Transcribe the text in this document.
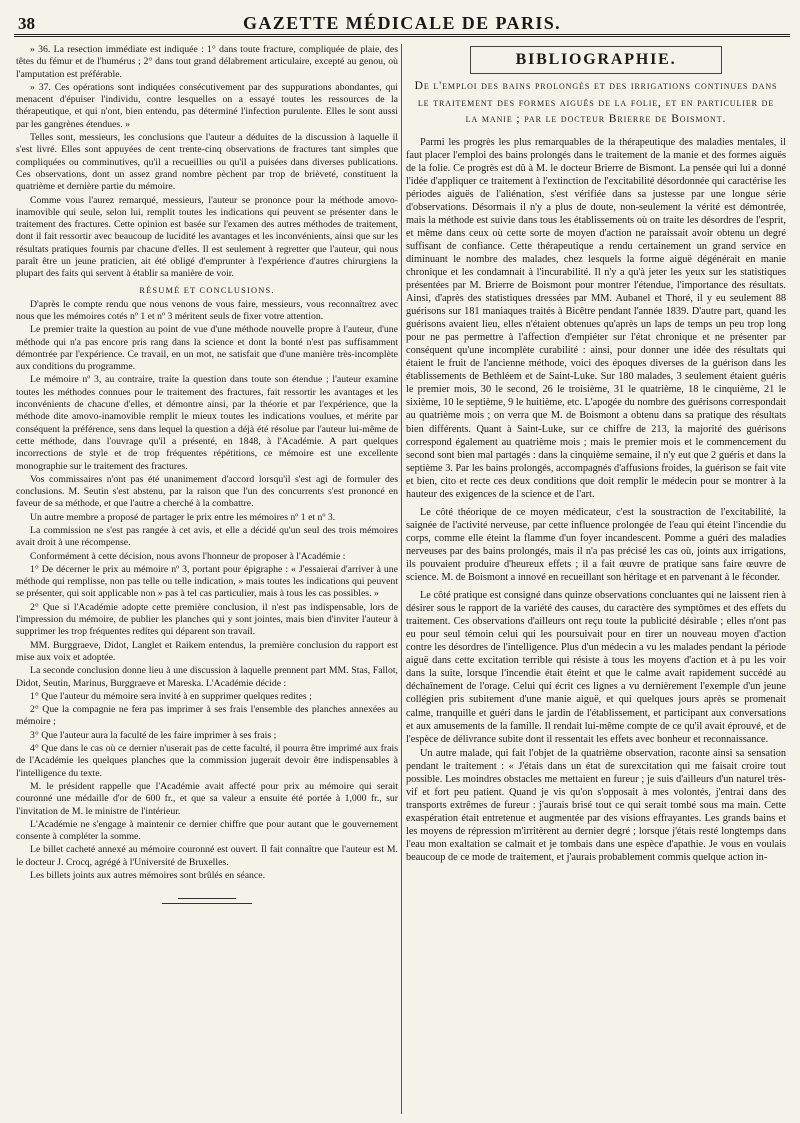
38	GAZETTE MÉDICALE DE PARIS.

» 36. La resection immédiate est indiquée : 1° dans toute fracture, compliquée de plaie, des têtes du fémur et de l'humérus ; 2° dans tout grand délabrement articulaire, excepté au genou, où l'amputation est préférable.

» 37. Ces opérations sont indiquées consécutivement par des suppurations abondantes, qui menacent d'épuiser l'individu, contre lesquelles on a essayé toutes les ressources de la thérapeutique, et qui n'ont, bien entendu, pas déterminé l'infection purulente. Elles le sont aussi par les gangrènes étendues. »

Telles sont, messieurs, les conclusions que l'auteur a déduites de la discussion à laquelle il s'est livré. Elles sont appuyées de cent trente-cinq observations de fractures tant simples que compliquées ou comminutives, qu'il a recueillies ou qu'il a puisées dans diverses publications. Ces observations, dont un assez grand nombre pèchent par trop de brièveté, constituent la quatrième et dernière partie du mémoire.

Comme vous l'aurez remarqué, messieurs, l'auteur se prononce pour la méthode amovo-inamovible qui seule, selon lui, remplit toutes les indications qui peuvent se présenter dans le traitement des fractures. Cette opinion est basée sur l'examen des autres méthodes de traitement, dont il fait ressortir avec beaucoup de lucidité les avantages et les inconvénients, ainsi que sur les résultats pratiques fournis par chacune d'elles. Il est seulement à regretter que l'auteur, qui nous paraît être un jeune praticien, ait été obligé d'emprunter à l'expérience d'autres chirurgiens la plupart des faits qui servent à établir sa manière de voir.

RÉSUMÉ ET CONCLUSIONS.

D'après le compte rendu que nous venons de vous faire, messieurs, vous reconnaîtrez avec nous que les mémoires cotés nº 1 et nº 3 méritent seuls de fixer votre attention.

Le premier traite la question au point de vue d'une méthode nouvelle propre à l'auteur, d'une méthode qui n'a pas encore pris rang dans la science et dont la bonté n'est pas suffisamment démontrée par l'expérience. Ce travail, en un mot, ne satisfait que d'une manière très-incomplète aux conditions du programme.

Le mémoire nº 3, au contraire, traite la question dans toute son étendue ; l'auteur examine toutes les méthodes connues pour le traitement des fractures, fait ressortir les avantages et les inconvénients de chacune d'elles, et démontre ainsi, par la théorie et par l'expérience, que la méthode dite amovo-inamovible remplit le mieux toutes les indications voulues, et mérite par conséquent la préférence, sens dans lequel la question a déjà été résolue par l'auteur lui-même de cette méthode, dans l'ouvrage qu'il a présenté, en 1848, à l'Académie. A part quelques incorrections de style et de trop fréquentes répétitions, ce mémoire est une excellente monographie sur le traitement des fractures.

Vos commissaires n'ont pas été unanimement d'accord lorsqu'il s'est agi de formuler des conclusions. M. Seutin s'est abstenu, par la raison que l'un des concurrents s'est prononcé en faveur de sa méthode, et que l'autre a cherché à la combattre.

Un autre membre a proposé de partager le prix entre les mémoires nº 1 et nº 3.

La commission ne s'est pas rangée à cet avis, et elle a décidé qu'un seul des trois mémoires avait droit à une récompense.

Conformément à cette décision, nous avons l'honneur de proposer à l'Académie :

1° De décerner le prix au mémoire nº 3, portant pour épigraphe : « J'essaierai d'arriver à une méthode qui remplisse, non pas telle ou telle indication, » mais toutes les indications qui peuvent se présenter, qui soit applicable non » pas à tel cas particulier, mais à tous les cas possibles. »

2° Que si l'Académie adopte cette première conclusion, il n'est pas indispensable, lors de l'impression du mémoire, de publier les planches qui y sont jointes, mais bien d'inviter l'auteur à supprimer les trop fréquentes redites qui déparent son travail.

MM. Burggraeve, Didot, Langlet et Raikem entendus, la première conclusion du rapport est mise aux voix et adoptée.

La seconde conclusion donne lieu à une discussion à laquelle prennent part MM. Stas, Fallot, Didot, Seutin, Marinus, Burggraeve et Mareska. L'Académie décide :

1° Que l'auteur du mémoire sera invité à en supprimer quelques redites ;

2° Que la compagnie ne fera pas imprimer à ses frais l'ensemble des planches annexées au mémoire ;

3° Que l'auteur aura la faculté de les faire imprimer à ses frais ;

4° Que dans le cas où ce dernier n'userait pas de cette faculté, il pourra être imprimé aux frais de l'Académie les quelques planches que la commission jugerait devoir être indispensables à l'intelligence du texte.

M. le président rappelle que l'Académie avait affecté pour prix au mémoire qui serait couronné une médaille d'or de 600 fr., et que sa valeur a ensuite été portée à 1,000 fr., sur l'invitation de M. le ministre de l'intérieur.

L'Académie ne s'engage à maintenir ce dernier chiffre que pour autant que le gouvernement consente à compléter la somme.

Le billet cacheté annexé au mémoire couronné est ouvert. Il fait connaître que l'auteur est M. le docteur J. Crocq, agrégé à l'Université de Bruxelles.

Les billets joints aux autres mémoires sont brûlés en séance.

BIBLIOGRAPHIE.
De l'emploi des bains prolongés et des irrigations continues dans le traitement des formes aiguës de la folie, et en particulier de la manie ; par le docteur Brierre de Boismont.

Parmi les progrès les plus remarquables de la thérapeutique des maladies mentales, il faut placer l'emploi des bains prolongés dans le traitement de la manie et des formes aiguës de la folie. Ce progrès est dû à M. le docteur Brierre de Bismont. La pensée qui lui a donné l'idée d'appliquer ce traitement à l'extinction de l'excitabilité désordonnée qui caractérise les périodes aiguës de l'aliénation, s'est vérifiée dans sa justesse par une longue série d'observations. Désormais il n'y a plus de doute, non-seulement la vérité est démontrée, mais la méthode est suivie dans tous les établissements où on traite les désordres de l'esprit, et même dans ceux où cette sorte de moyen d'action ne paraissait avoir obtenu un degré suffisant de confiance. Cette thérapeutique a rendu certainement un grand service en diminuant le nombre des malades, chez lesquels la forme aiguë dégénérait en manie chronique et les condamnait à l'incurabilité. Il n'y a qu'à jeter les yeux sur les statistiques présentées par M. Brierre de Boismont pour montrer l'étendue, l'importance des résultats. Ainsi, d'après des statistiques dressées par MM. Aubanel et Thoré, il y eu seulement 88 guérisons sur 181 maniaques traités à Bicêtre pendant l'année 1839. D'autre part, quand les guérisons avaient lieu, elles n'étaient obtenues qu'après un laps de temps un peu trop long pour ne pas permettre à l'affection d'empiéter sur l'état chronique et ne présenter par conséquent qu'une incomplète curabilité : ainsi, pour donner une idée des résultats qui étaient le fruit de l'ancienne méthode, voici des époques diverses de la guérison dans les établissements de Bethléem et de Saint-Luke. Sur 180 malades, 3 seulement étaient guéris le premier mois, 30 le second, 26 le troisième, 31 le quatrième, 18 le cinquième, 21 le sixième, 10 le septième, 9 le huitième, etc. L'apogée du nombre des guérisons correspondait au quatrième mois ; on verra que M. de Boismont a obtenu dans sa pratique des résultats bien différents. Quant à Saint-Luke, sur ce chiffre de 213, la majorité des guérisons correspond également au quatrième mois ; mais le premier mois et le commencement du second sont bien mal partagés : dans la cinquième semaine, il n'y eut que 2 guéris et dans la septième 3. Par les bains prolongés, accompagnés d'affusions froides, la guérison se fait vite et bien, cito et recte ces deux conditions que doit remplir le médecin pour se montrer à la hauteur des exigences de la science et de l'art.

Le côté théorique de ce moyen médicateur, c'est la soustraction de l'excitabilité, la saignée de l'activité nerveuse, par cette influence prolongée de l'eau qui éteint l'incendie du corps, comme elle éteint la flamme d'un foyer incandescent. Pomme a guéri des maladies nerveuses par des bains prolongés, mais il n'a pas précisé les cas où, joints aux irrigations, ils pouvaient produire d'heureux effets ; il a fait œuvre de pratique sans faire œuvre de science. M. de Boismont a innové en recueillant son héritage et en parvenant à le féconder.

Le côté pratique est consigné dans quinze observations concluantes qui ne laissent rien à désirer sous le rapport de la variété des causes, du caractère des symptômes et des effets du traitement. Ces observations d'ailleurs ont reçu toute la publicité désirable ; elles n'ont pas eu pour seul témoin celui qui les poursuivait pour en tirer un nouveau moyen d'action contre les désordres de l'intelligence. Plus d'un médecin a vu les malades pendant la période aiguë dans cette excitation terrible qui résiste à tous les moyens d'action et à pu les voir dans la suite, lorsque l'incendie était éteint et que le calme avait rapidement succédé au déchaînement de l'orage. Celui qui écrit ces lignes a vu dernièrement l'exemple d'un jeune collégien pris subitement d'une manie aiguë, et qui quelques jours après se promenait calme, tranquille et guéri dans le jardin de l'établissement, et participant aux conversations et aux amusements de la famille. Il rendait lui-même compte de ce qu'il avait éprouvé, et de l'espèce de délivrance subite dont il ressentait les effets avec bonheur et reconnaissance.

Un autre malade, qui fait l'objet de la quatrième observation, raconte ainsi sa sensation pendant le traitement : « J'étais dans un état de surexcitation qui me faisait croire tout possible. Les moindres obstacles me mettaient en fureur ; je suis d'ailleurs d'un naturel très-vif et fort peu patient. Quand je vis qu'on s'opposait à mes volontés, j'entrai dans des transports extrêmes de fureur : j'aurais brisé tout ce qui serait tombé sous ma main. Cette exaspération était entretenue et augmentée par des visions effrayantes. Les grands bains et les moyens de répression m'irritèrent au dernier degré ; lorsque j'étais resté longtemps dans l'eau mon exaltation se calmait et je tombais dans une espèce d'apathie. Je vous en voulais beaucoup de ce mode de traitement, et j'aurais probablement commis quelque action in-
